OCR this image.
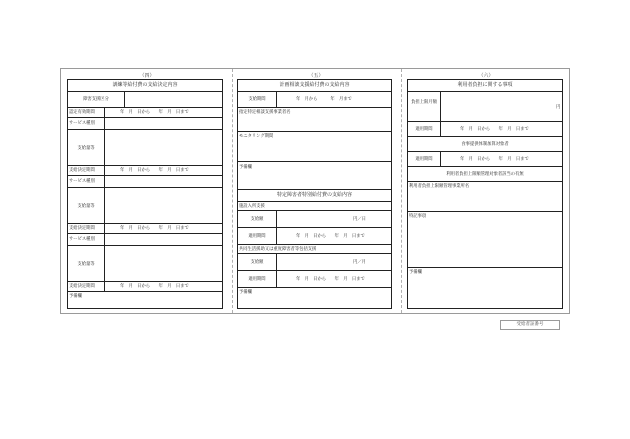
（四）	（五）	（六）
訓練等給付費の支給決定内容
障害支援区分
認定有効期間	年　月　日から　　年　月　日まで
サービス種別
支給量等
支給決定期間	年　月　日から　　年　月　日まで
サービス種別
支給量等
支給決定期間	年　月　日から　　年　月　日まで
サービス種別
支給量等
支給決定期間	年　月　日から　　年　月　日まで
予備欄
計画相談支援給付費の支給内容
支給期間	年　月から　　　年　月まで
指定特定相談支援事業者名
モニタリング期間
予備欄
特定障害者特別給付費の支給内容
施設入所支援
支給額	円／日
適用期間	年　月　日から　　年　月　日まで
共同生活援助又は重度障害者等包括支援
支給額	円／月
適用期間	年　月　日から　　年　月　日まで
予備欄
利用者負担に関する事項
負担上限月額
円
適用期間	年　月　日から　　年　月　日まで
食事提供体制加算対象者
適用期間	年　月　日から　　年　月　日まで
利用者負担上限額管理対象者該当の有無
利用者負担上限額管理事業所名
特記事項
予備欄
受給者証番号
